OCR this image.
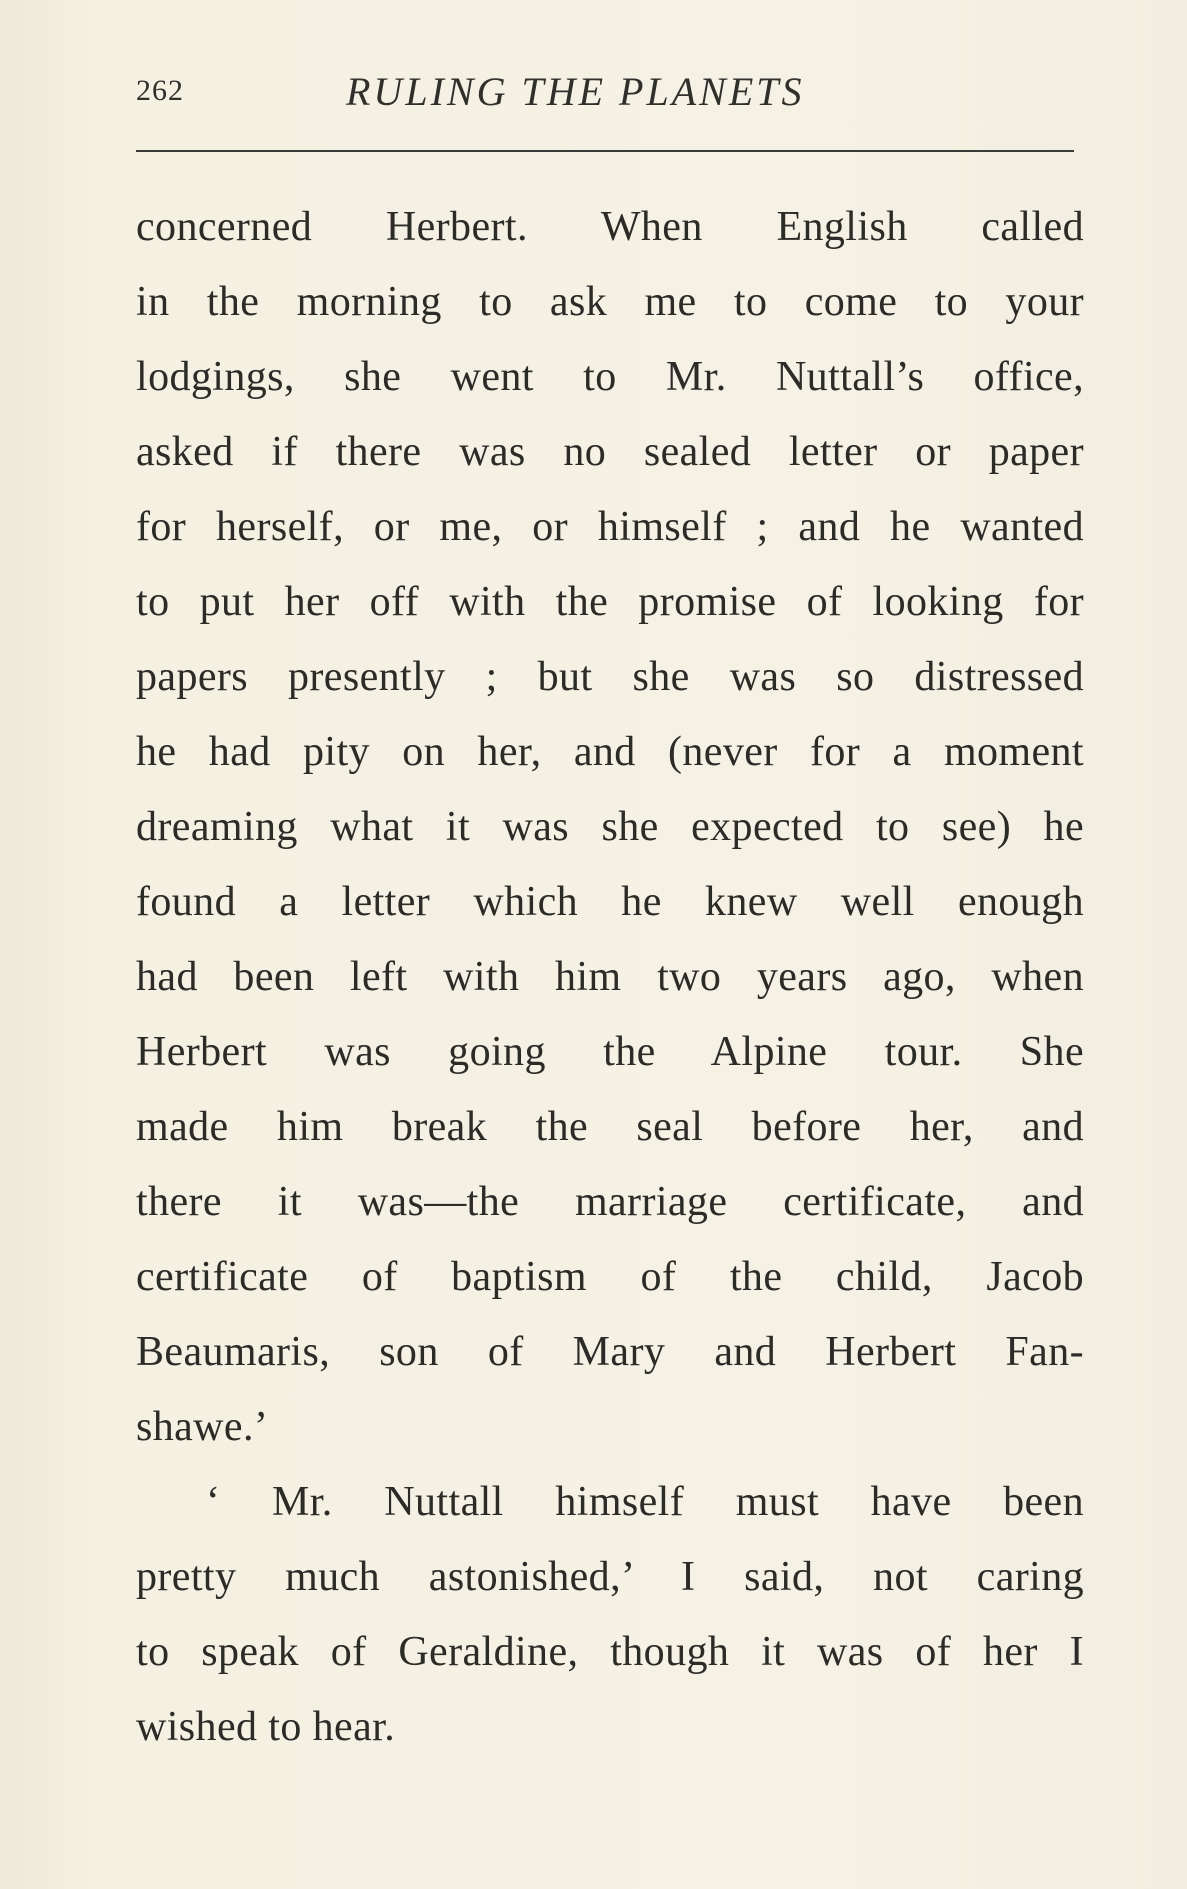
262	RULING THE PLANETS
concerned Herbert. When English called
in the morning to ask me to come to your
lodgings, she went to Mr. Nuttall’s office,
asked if there was no sealed letter or paper
for herself, or me, or himself ; and he wanted
to put her off with the promise of looking for
papers presently ; but she was so distressed
he had pity on her, and (never for a moment
dreaming what it was she expected to see) he
found a letter which he knew well enough
had been left with him two years ago, when
Herbert was going the Alpine tour. She
made him break the seal before her, and
there it was—the marriage certificate, and
certificate of baptism of the child, Jacob
Beaumaris, son of Mary and Herbert Fan-
shawe.’
‘ Mr. Nuttall himself must have been
pretty much astonished,’ I said, not caring
to speak of Geraldine, though it was of her I
wished to hear.
